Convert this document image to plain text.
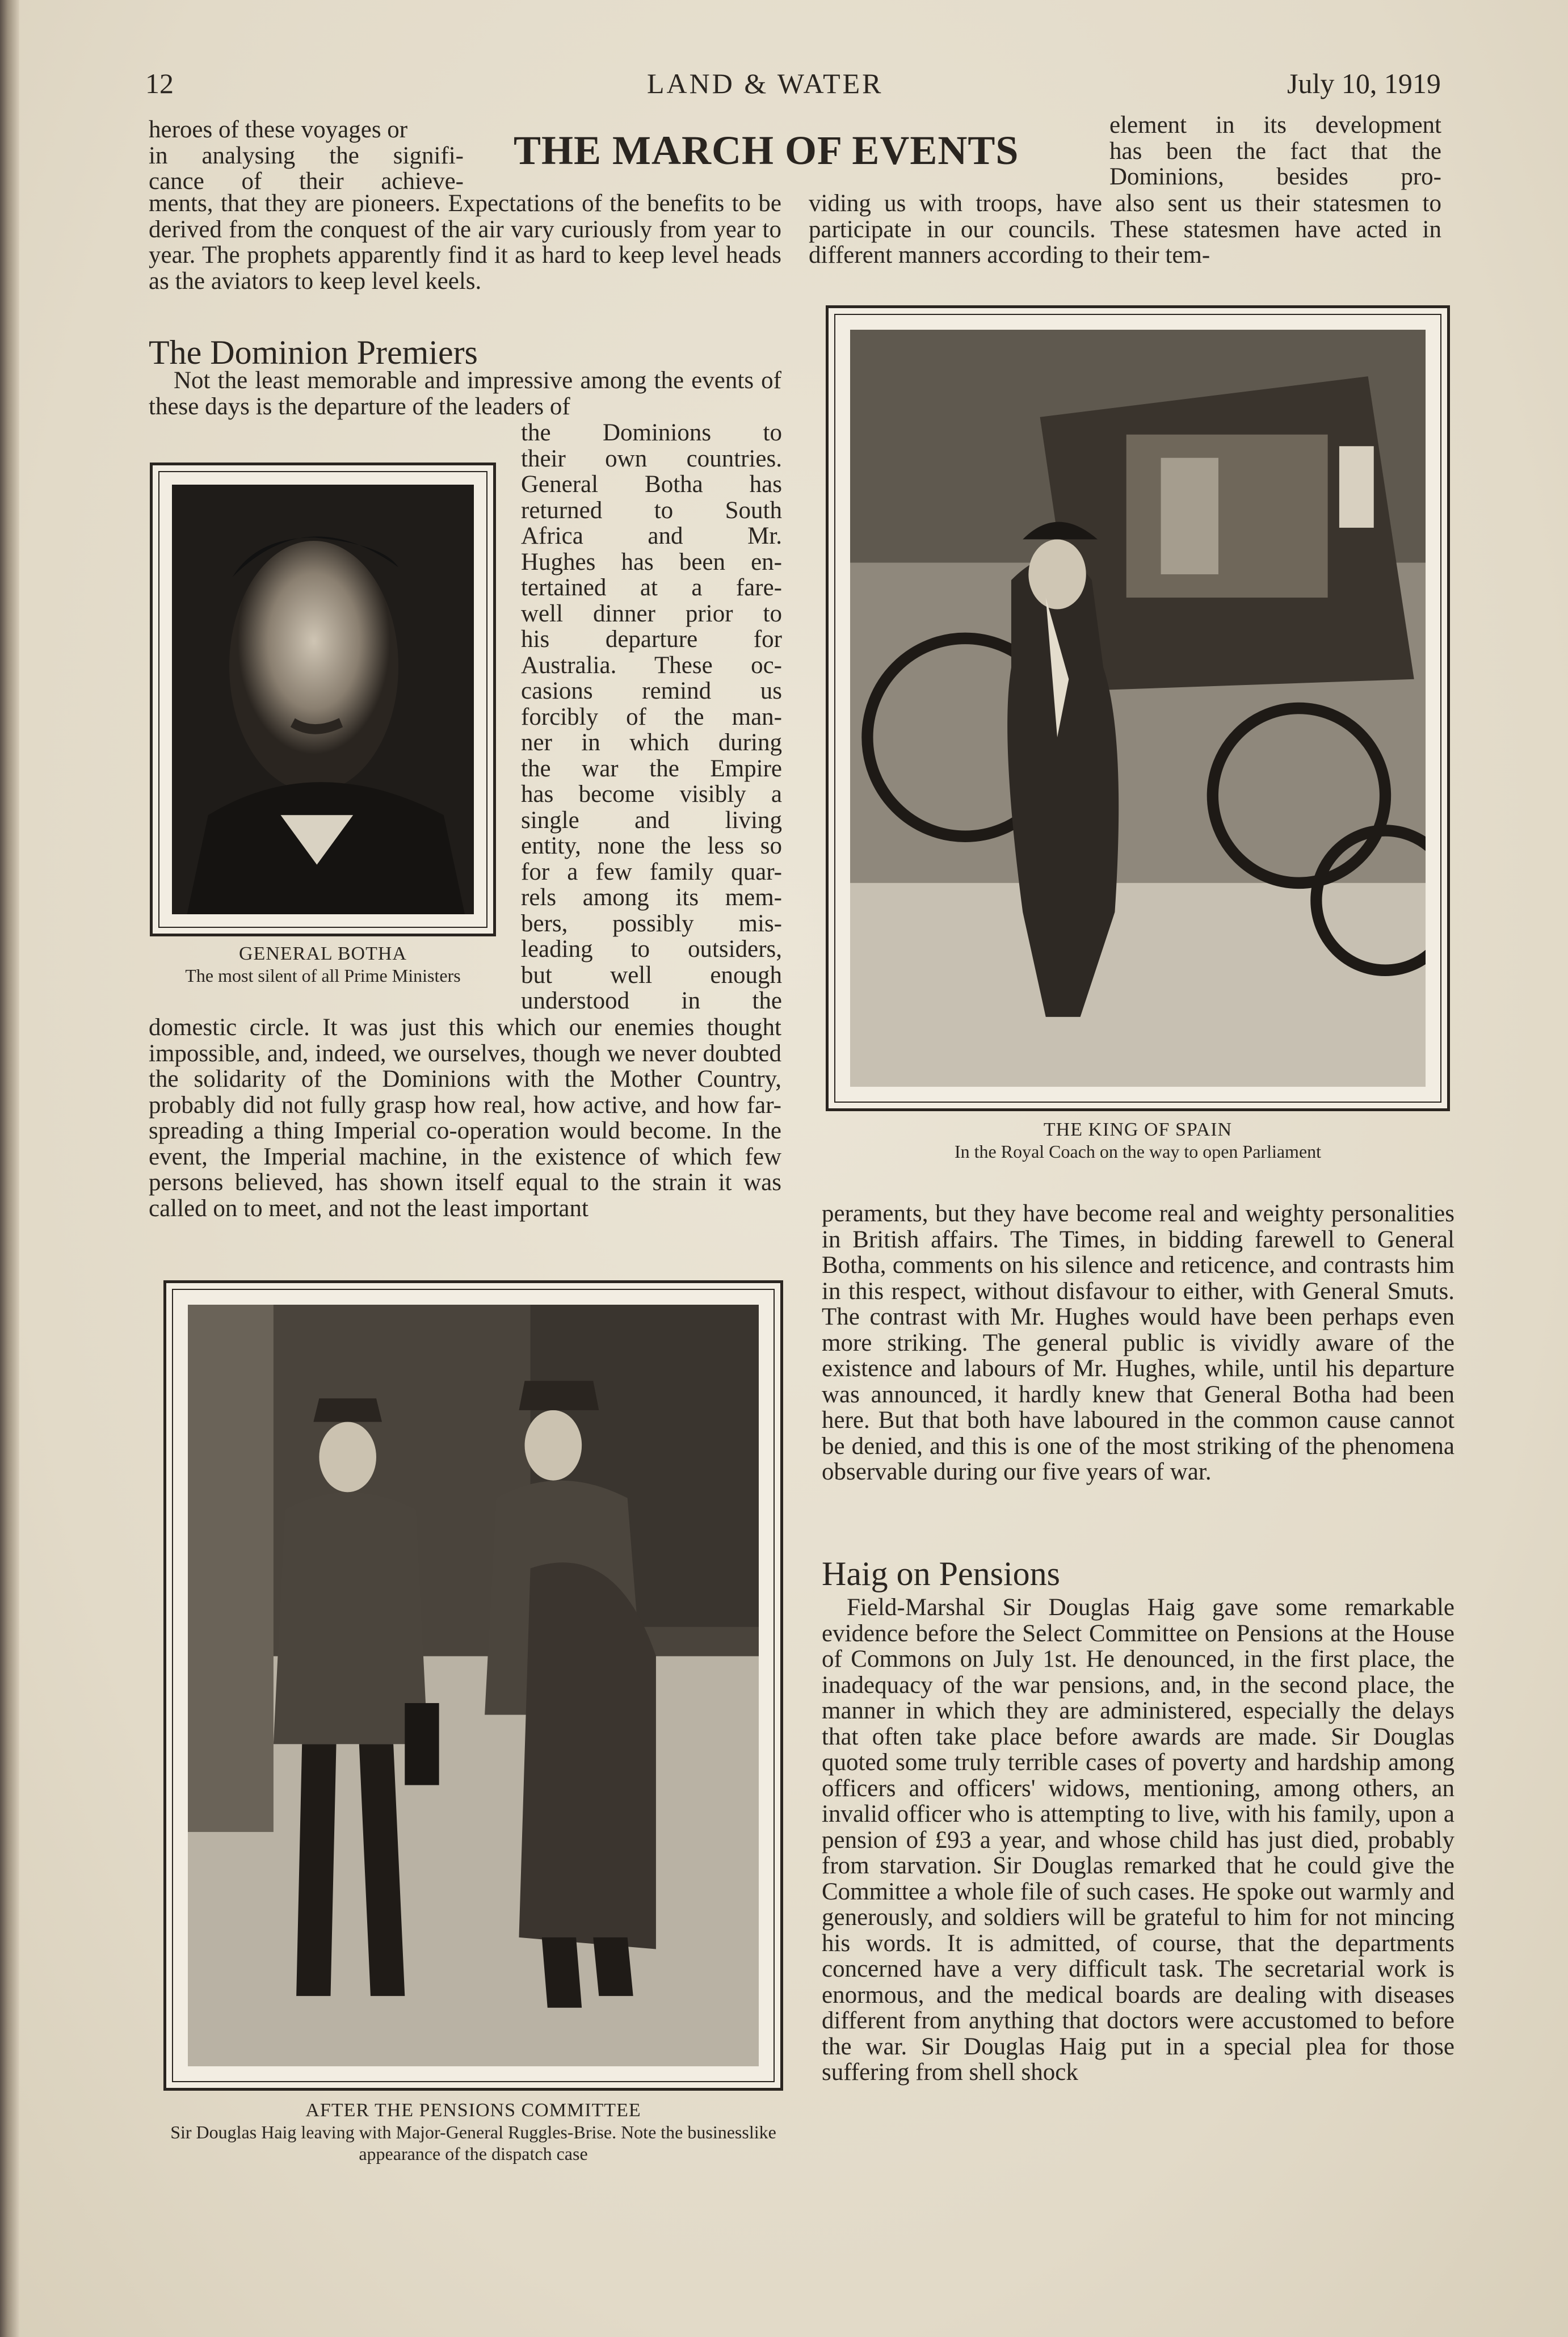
12	LAND & WATER	July 10, 1919
THE MARCH OF EVENTS
heroes of these voyages or
in analysing the signifi-
cance of their achieve-
element in its development
has been the fact that the
Dominions, besides pro-

ments, that they are pioneers. Expectations of the benefits to be derived from the conquest of the air vary curiously from year to year. The prophets apparently find it as hard to keep level heads as the aviators to keep level keels.

viding us with troops, have also sent us their statesmen to participate in our councils. These statesmen have acted in different manners according to their tem-

The Dominion Premiers

Not the least memorable and impressive among the events of these days is the departure of the leaders of

GENERAL BOTHA
The most silent of all Prime Ministers
the Dominions to
their own countries.
General Botha has
returned to South
Africa and Mr.
Hughes has been en-
tertained at a fare-
well dinner prior to
his departure for
Australia. These oc-
casions remind us
forcibly of the man-
ner in which during
the war the Empire
has become visibly a
single and living
entity, none the less so
for a few family quar-
rels among its mem-
bers, possibly mis-
leading to outsiders,
but well enough
understood in the

domestic circle. It was just this which our enemies thought impossible, and, indeed, we ourselves, though we never doubted the solidarity of the Dominions with the Mother Country, probably did not fully grasp how real, how active, and how far-spreading a thing Imperial co-operation would become. In the event, the Imperial machine, in the existence of which few persons believed, has shown itself equal to the strain it was called on to meet, and not the least important

THE KING OF SPAIN
In the Royal Coach on the way to open Parliament

peraments, but they have become real and weighty personalities in British affairs. The Times, in bidding farewell to General Botha, comments on his silence and reticence, and contrasts him in this respect, without disfavour to either, with General Smuts. The contrast with Mr. Hughes would have been perhaps even more striking. The general public is vividly aware of the existence and labours of Mr. Hughes, while, until his departure was announced, it hardly knew that General Botha had been here. But that both have laboured in the common cause cannot be denied, and this is one of the most striking of the phenomena observable during our five years of war.

Haig on Pensions

Field-Marshal Sir Douglas Haig gave some remarkable evidence before the Select Committee on Pensions at the House of Commons on July 1st. He denounced, in the first place, the inadequacy of the war pensions, and, in the second place, the manner in which they are administered, especially the delays that often take place before awards are made. Sir Douglas quoted some truly terrible cases of poverty and hardship among officers and officers' widows, mentioning, among others, an invalid officer who is attempting to live, with his family, upon a pension of £93 a year, and whose child has just died, probably from starvation. Sir Douglas remarked that he could give the Committee a whole file of such cases. He spoke out warmly and generously, and soldiers will be grateful to him for not mincing his words. It is admitted, of course, that the departments concerned have a very difficult task. The secretarial work is enormous, and the medical boards are dealing with diseases different from anything that doctors were accustomed to before the war. Sir Douglas Haig put in a special plea for those suffering from shell shock

AFTER THE PENSIONS COMMITTEE
Sir Douglas Haig leaving with Major-General Ruggles-Brise. Note the businesslike appearance of the dispatch case
